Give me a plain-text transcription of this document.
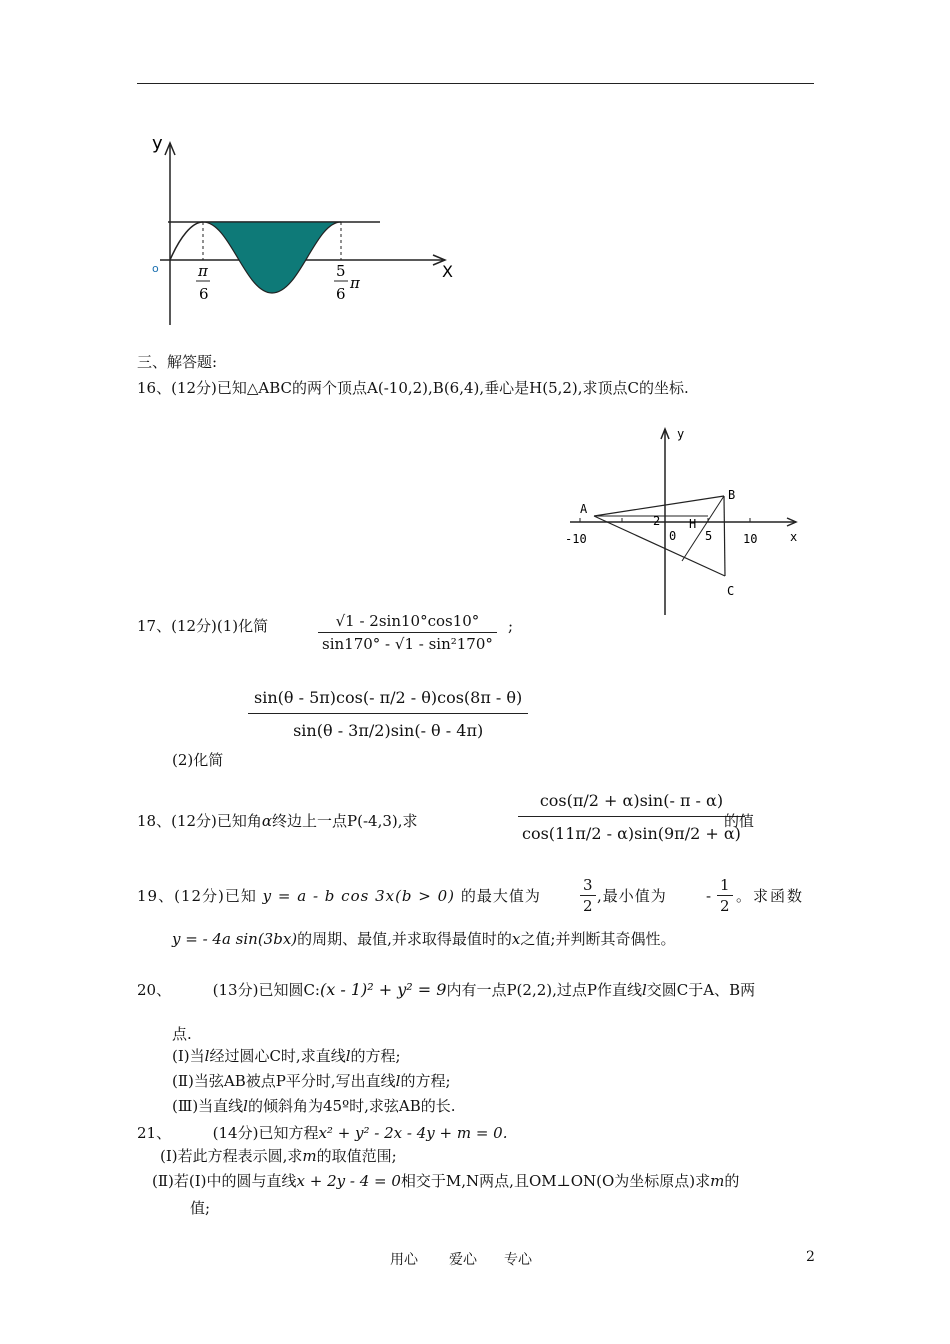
y
X
o	π
6
5
6
π
三、解答题:
16、(12分)已知△ABC的两个顶点A(-10,2),B(6,4),垂心是H(5,2),求顶点C的坐标.
A
B
C
H
y
x
-10	0
2
5	10
17、(12分)(1)化简	$\frac{√1 - 2\sin 10^\circ\cos 10^\circ}{\text{sin170° - √1 - sin²170°}}$ ;
$\frac{\sin(\theta - 5\pi)\cos(- \pi/2 - \theta)\cos(8\pi - \theta)}{\sin(\theta - 3\pi/2)\sin(- \theta - 4\pi)}$
(2)化简
18、(12分)已知角α终边上一点P(-4,3),求	$\frac{\cos(\pi/2 + \alpha)\sin(- \pi - \alpha)}{\cos(11\pi/2 - \alpha)\sin(9\pi/2 + \alpha)}$
的值
19、(12分)已知 y = a - b cos 3x(b > 0) 的最大值为	$\frac{3}{2}$ ,最小值为	- $\frac{1}{2}$ 。求函数
y = - 4a sin(3bx)的周期、最值,并求取得最值时的x之值;并判断其奇偶性。
20、	(13分)已知圆C:(x - 1)² + y² = 9内有一点P(2,2),过点P作直线l交圆C于A、B两
点.
(Ⅰ)当l经过圆心C时,求直线l的方程;
(Ⅱ)当弦AB被点P平分时,写出直线l的方程;
(Ⅲ)当直线l的倾斜角为45º时,求弦AB的长.
21、	(14分)已知方程x² + y² - 2x - 4y + m = 0.
(Ⅰ)若此方程表示圆,求m的取值范围;
(Ⅱ)若(Ⅰ)中的圆与直线x + 2y - 4 = 0相交于M,N两点,且OM⊥ON(O为坐标原点)求m的
值;
用心 爱心 专心	2
